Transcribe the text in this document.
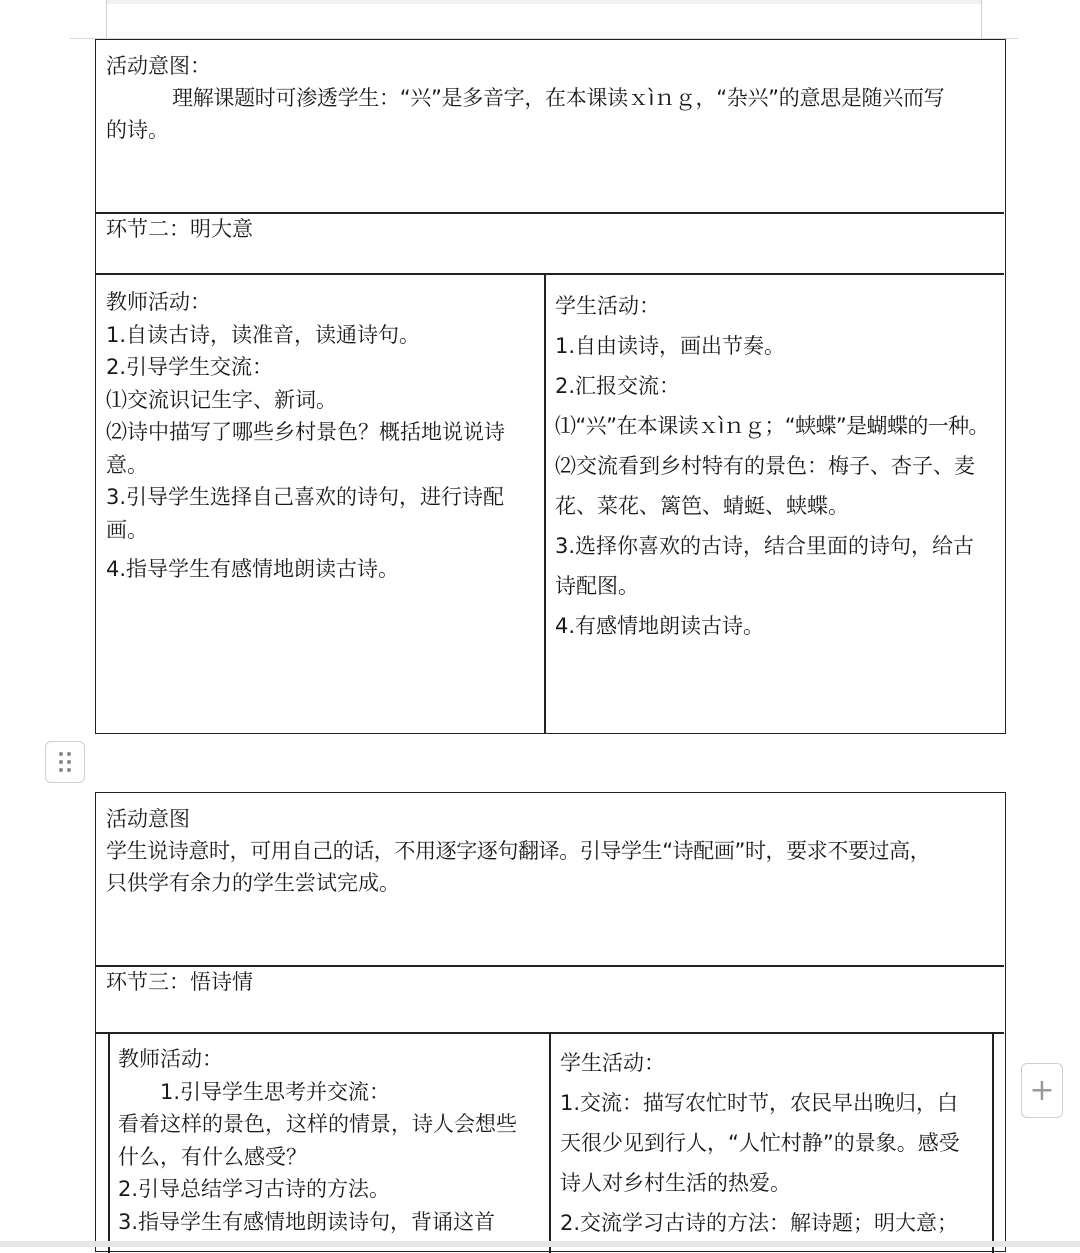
活动意图：
理解课题时可渗透学生：“兴”是多音字，在本课读ｘìｎｇ，“杂兴”的意思是随兴而写
的诗。
环节二：明大意
教师活动：
1.自读古诗，读准音，读通诗句。
2.引导学生交流：
⑴交流识记生字、新词。
⑵诗中描写了哪些乡村景色？概括地说说诗
意。
3.引导学生选择自己喜欢的诗句，进行诗配
画。
4.指导学生有感情地朗读古诗。
学生活动：
1.自由读诗，画出节奏。
2.汇报交流：
⑴“兴”在本课读ｘìｎｇ；“蛱蝶”是蝴蝶的一种。
⑵交流看到乡村特有的景色：梅子、杏子、麦
花、菜花、篱笆、蜻蜓、蛱蝶。
3.选择你喜欢的古诗，结合里面的诗句，给古
诗配图。
4.有感情地朗读古诗。
活动意图
学生说诗意时，可用自己的话，不用逐字逐句翻译。引导学生“诗配画”时，要求不要过高，
只供学有余力的学生尝试完成。
环节三：悟诗情
教师活动：
1.引导学生思考并交流：
看着这样的景色，这样的情景，诗人会想些
什么，有什么感受？
2.引导总结学习古诗的方法。
3.指导学生有感情地朗读诗句，背诵这首
学生活动：
1.交流：描写农忙时节，农民早出晚归，白
天很少见到行人，“人忙村静”的景象。感受
诗人对乡村生活的热爱。
2.交流学习古诗的方法：解诗题；明大意；
+
